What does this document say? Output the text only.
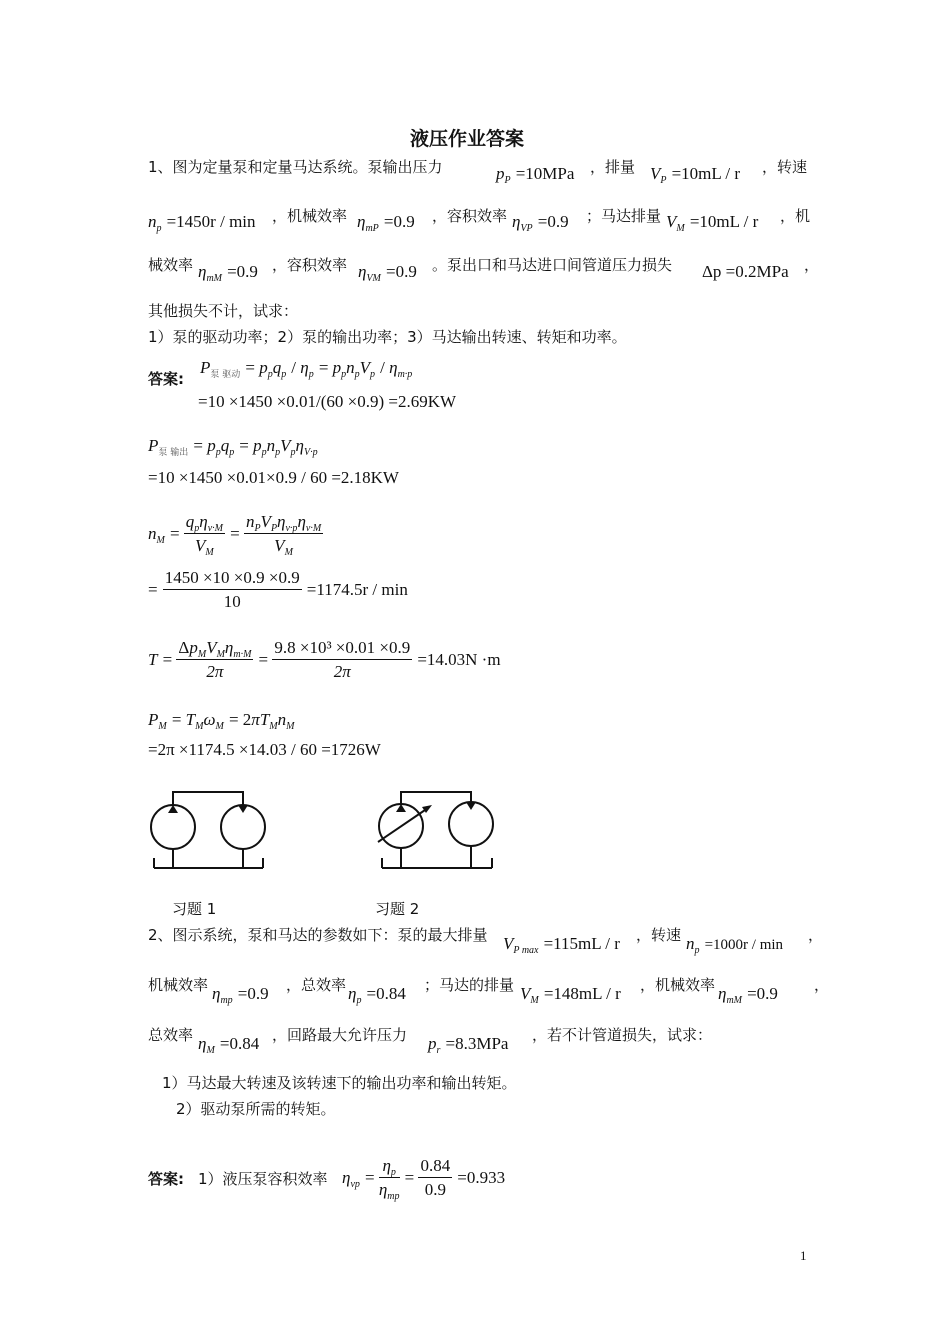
液压作业答案
1、图为定量泵和定量马达系统。泵输出压力	$p_P =10MPa$ ，排量 $V_P =10mL / r$ ，转速
$n_p =1450r / \min$ ，机械效率 $\eta_{mP} =0.9$ ，容积效率 $\eta_{VP} =0.9$ ；马达排量 $V_M =10mL / r$ ，机
械效率 $\eta_{mM} =0.9$ ，容积效率 $\eta_{VM} =0.9$ 。泵出口和马达进口间管道压力损失 Δp =0.2MPa ，
其他损失不计，试求：
1）泵的驱动功率；2）泵的输出功率；3）马达输出转速、转矩和功率。
答案:
$P_{泵 驱动} = p_pq_p / \eta_p = p_pn_pV_p / \eta_{m\cdot p}$
=10 ×1450 ×0.01/(60 ×0.9) =2.69KW
$P_{泵 输出} = p_pq_p = p_pn_pV_p\eta_{V\cdot p}$
=10 ×1450 ×0.01×0.9 / 60 =2.18KW
$n_M = \frac{q_p\eta_{v\cdot M}}{V_M} = \frac{n_PV_P\eta_{v\cdot p}\eta_{v\cdot M}}{V_M}$
= $\frac{1450 \times 10 \times 0.9 \times 0.9}{10} =1174.5r / \min$
$T = \frac{\Delta p_MV_M\eta_{m\cdot M}}{2\pi} = \frac{\text{9.8 ×10³ ×0.01 ×0.9}}{2\pi} =14.03N \cdot m$
$P_M = T_M\omega_M = 2\pi T_Mn_M$
=2π ×1174.5 ×14.03 / 60 =1726W
习题 1	习题 2
2、图示系统，泵和马达的参数如下：泵的最大排量 $V_{P max} =115mL / r$ ，转速 $n_p =1000r / \min$
，
机械效率 $\eta_{mp} =0.9$ ，总效率 $\eta_p =0.84$ ；马达的排量 $V_M =148mL / r$ ，机械效率 $\eta_{mM} =0.9$ ，
总效率 $\eta_M =0.84$ ，回路最大允许压力 $p_r =8.3MPa$ ，若不计管道损失，试求：
1）马达最大转速及该转速下的输出功率和输出转矩。
2）驱动泵所需的转矩。
答案: 1）液压泵容积效率 $\eta_{vp} = \frac{\eta_p}{\eta_{mp}} = \frac{0.84}{0.9} =0.933$
1
